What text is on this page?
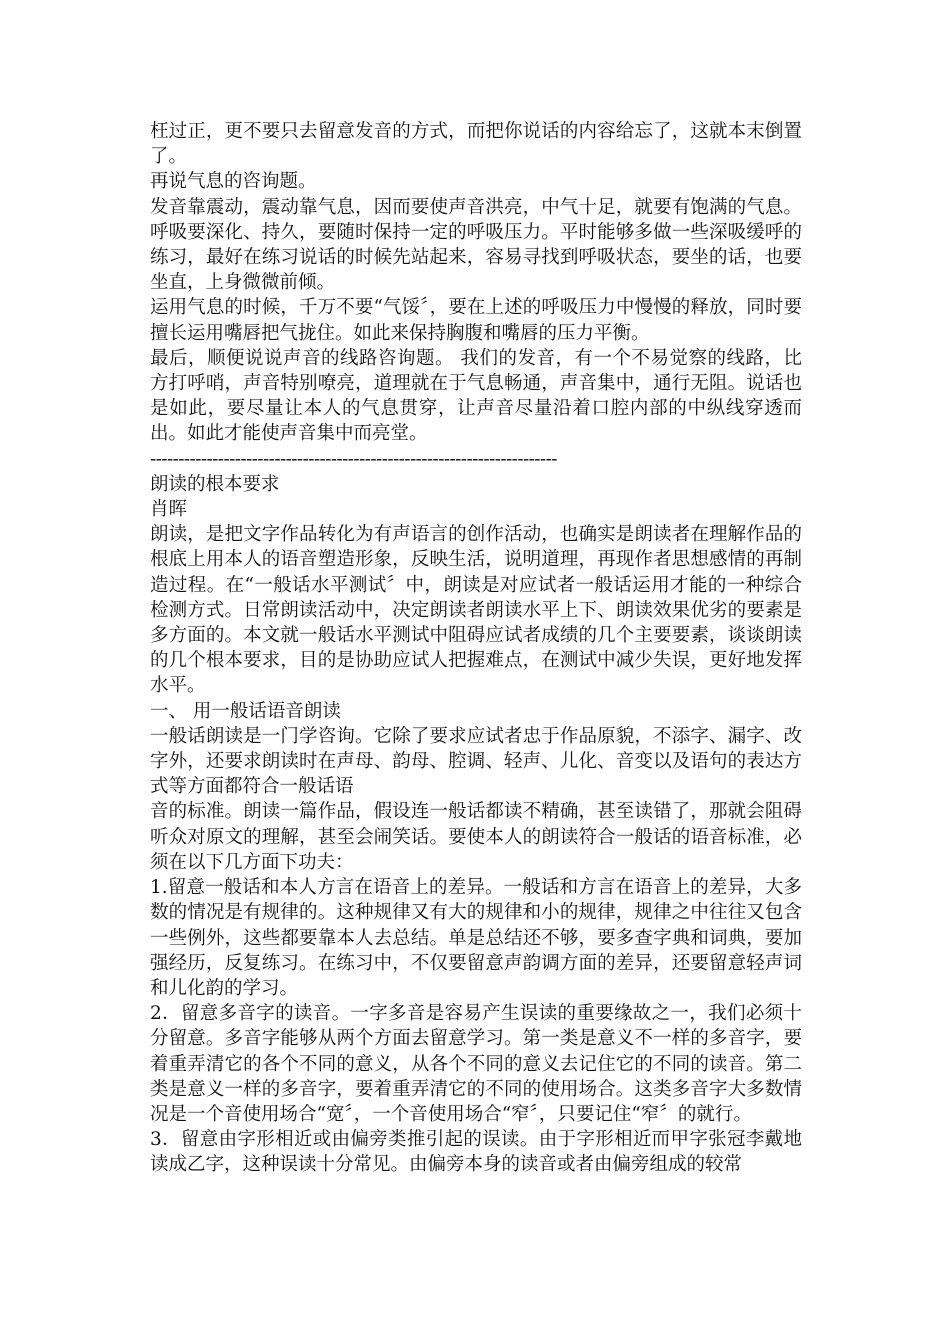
枉过正，更不要只去留意发音的方式，而把你说话的内容给忘了，这就本末倒置了。

再说气息的咨询题。

发音靠震动，震动靠气息，因而要使声音洪亮，中气十足，就要有饱满的气息。呼吸要深化、持久，要随时保持一定的呼吸压力。平时能够多做一些深吸缓呼的练习，最好在练习说话的时候先站起来，容易寻找到呼吸状态，要坐的话，也要坐直，上身微微前倾。

运用气息的时候，千万不要“气馁〞，要在上述的呼吸压力中慢慢的释放，同时要擅长运用嘴唇把气拢住。如此来保持胸腹和嘴唇的压力平衡。

最后，顺便说说声音的线路咨询题。 我们的发音，有一个不易觉察的线路，比方打呼哨，声音特别嘹亮，道理就在于气息畅通，声音集中，通行无阻。说话也是如此，要尽量让本人的气息贯穿，让声音尽量沿着口腔内部的中纵线穿透而出。如此才能使声音集中而亮堂。

------------------------------------------------------------------------

朗读的根本要求

肖晖

朗读，是把文字作品转化为有声语言的创作活动，也确实是朗读者在理解作品的根底上用本人的语音塑造形象，反映生活，说明道理，再现作者思想感情的再制造过程。在“一般话水平测试〞中，朗读是对应试者一般话运用才能的一种综合检测方式。日常朗读活动中，决定朗读者朗读水平上下、朗读效果优劣的要素是多方面的。本文就一般话水平测试中阻碍应试者成绩的几个主要要素，谈谈朗读的几个根本要求，目的是协助应试人把握难点，在测试中减少失误，更好地发挥水平。

一、 用一般话语音朗读

一般话朗读是一门学咨询。它除了要求应试者忠于作品原貌，不添字、漏字、改字外，还要求朗读时在声母、韵母、腔调、轻声、儿化、音变以及语句的表达方式等方面都符合一般话语

音的标准。朗读一篇作品，假设连一般话都读不精确，甚至读错了，那就会阻碍听众对原文的理解，甚至会闹笑话。要使本人的朗读符合一般话的语音标准，必须在以下几方面下功夫：

1.留意一般话和本人方言在语音上的差异。一般话和方言在语音上的差异，大多数的情况是有规律的。这种规律又有大的规律和小的规律，规律之中往往又包含一些例外，这些都要靠本人去总结。单是总结还不够，要多查字典和词典，要加强经历，反复练习。在练习中，不仅要留意声韵调方面的差异，还要留意轻声词和儿化韵的学习。

2．留意多音字的读音。一字多音是容易产生误读的重要缘故之一，我们必须十分留意。多音字能够从两个方面去留意学习。第一类是意义不一样的多音字，要着重弄清它的各个不同的意义，从各个不同的意义去记住它的不同的读音。第二类是意义一样的多音字，要着重弄清它的不同的使用场合。这类多音字大多数情况是一个音使用场合“宽〞，一个音使用场合“窄〞，只要记住“窄〞的就行。

3．留意由字形相近或由偏旁类推引起的误读。由于字形相近而甲字张冠李戴地读成乙字，这种误读十分常见。由偏旁本身的读音或者由偏旁组成的较常
